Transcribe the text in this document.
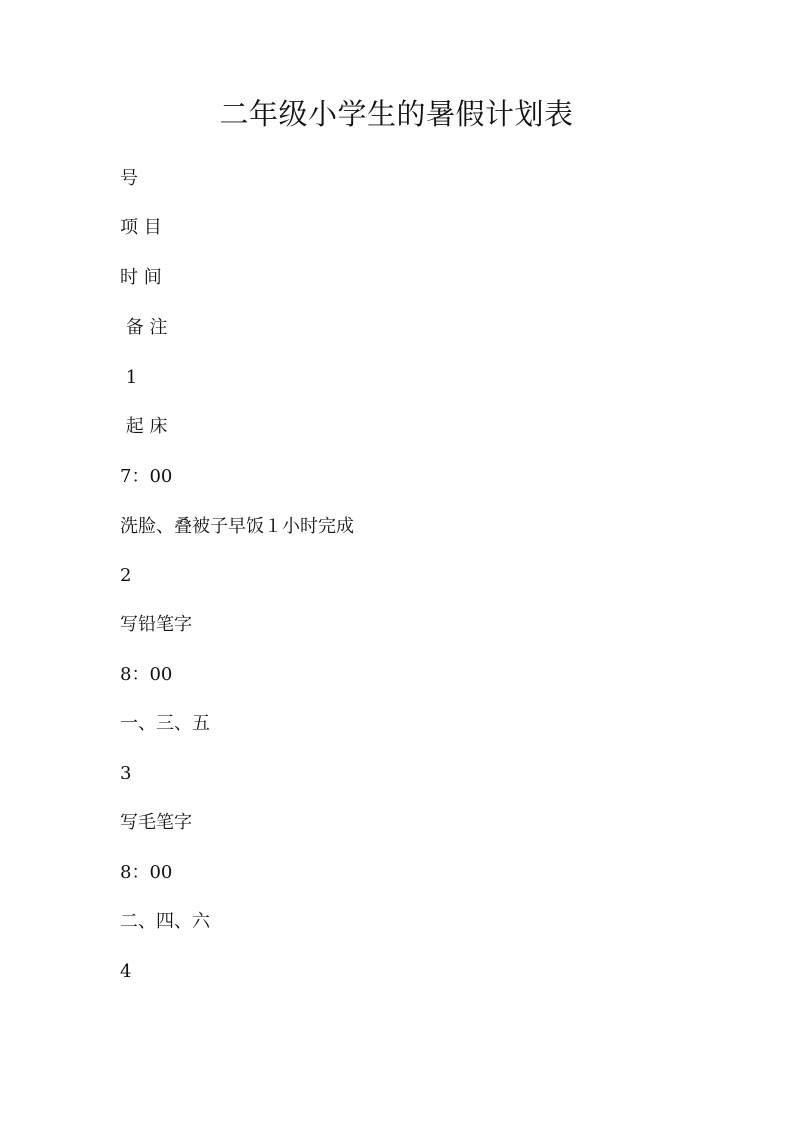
二年级小学生的暑假计划表
号
项 目
时 间
备 注
1
起 床
7：00
洗脸、叠被子早饭１小时完成
2
写铅笔字
8：00
一、三、五
3
写毛笔字
8：00
二、四、六
4
